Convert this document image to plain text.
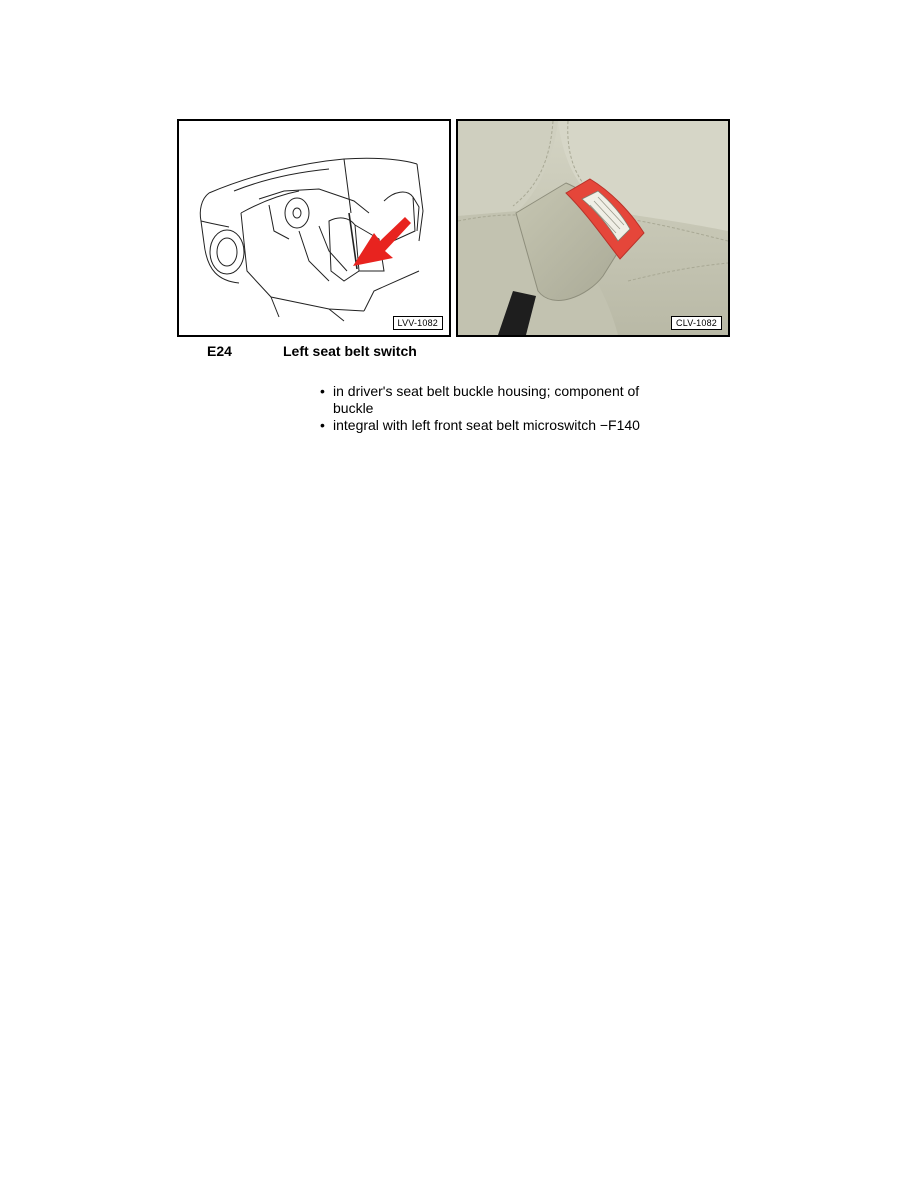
LVV-1082	CLV-1082
E24	Left seat belt switch
• in driver's seat belt buckle housing; component of buckle
• integral with left front seat belt microswitch −F140
